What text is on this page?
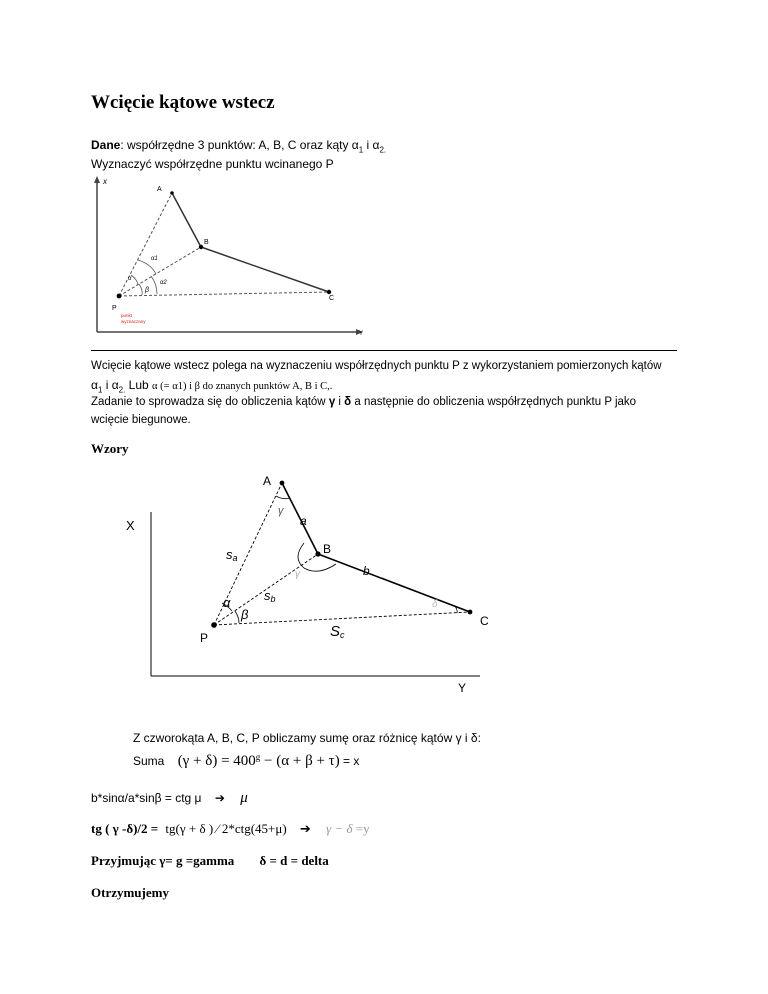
Wcięcie kątowe wstecz
Dane: współrzędne 3 punktów: A, B, C oraz kąty $\alpha_1$ i $\alpha_{2.}$
Wyznaczyć współrzędne punktu wcinanego P
x
Y
A
B
C
P
α1
α2
α
β
punkt
wyznaczany
Wcięcie kątowe wstecz polega na wyznaczeniu współrzędnych punktu P z wykorzystaniem pomierzonych kątów
$\alpha_1$ i $\alpha_{2.}$ Lub α (= α1) i β do znanych punktów A, B i C,.
Zadanie to sprowadza się do obliczenia kątów γ i δ a następnie do obliczenia współrzędnych punktu P jako
wcięcie biegunowe.
Wzory
X
Y
A
B
C
P
a
b
γ
γ
α
β
δ
sa
sb
Sc
Z czworokąta A, B, C, P obliczamy sumę oraz różnicę kątów γ i δ:
Suma $(\gamma + \delta) = 400^g - (\alpha + \beta + \tau) = x$
b*sinα/a*sinβ = ctg μ ➔ μ
tg ( γ -δ)/2 = tg(γ + δ ) ⁄ 2*ctg(45+μ) ➔ γ − δ =y
Przyjmując γ= g =gamma δ = d = delta
Otrzymujemy
